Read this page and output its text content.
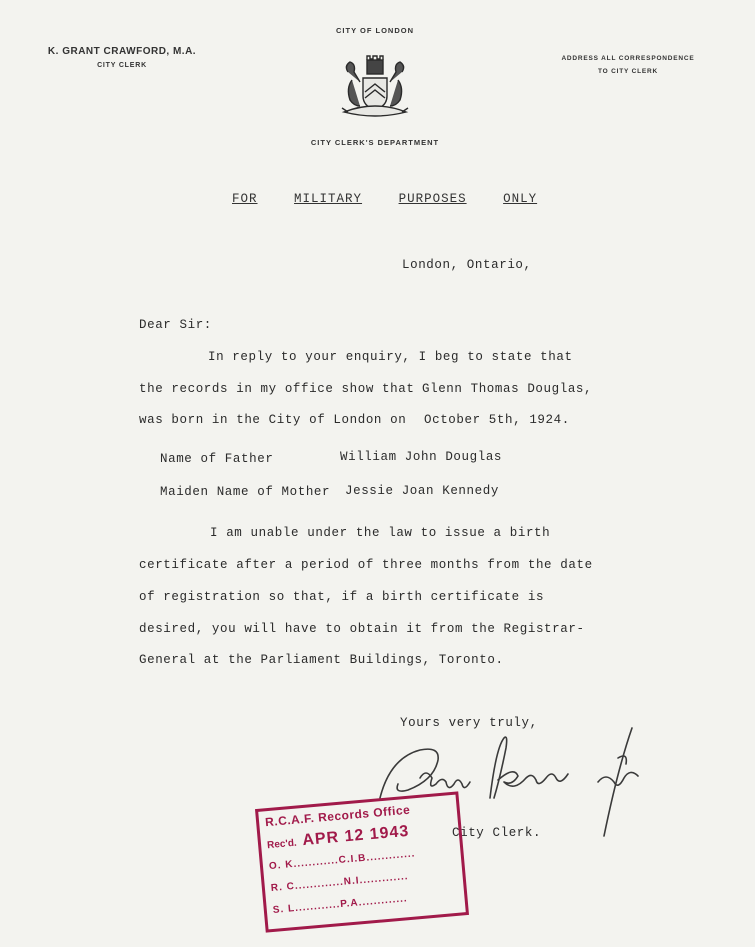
K. GRANT CRAWFORD, M.A.
CITY CLERK
CITY OF LONDON
CITY CLERK'S DEPARTMENT
ADDRESS ALL CORRESPONDENCE
TO CITY CLERK
FOR	MILITARY	PURPOSES	ONLY
London, Ontario,
Dear Sir:
In reply to your enquiry, I beg to state that
the records in my office show that Glenn Thomas Douglas,
was born in the City of London on October 5th, 1924.
Name of Father	William John Douglas
Maiden Name of Mother Jessie Joan Kennedy
I am unable under the law to issue a birth
certificate after a period of three months from the date
of registration so that, if a birth certificate is
desired, you will have to obtain it from the Registrar-
General at the Parliament Buildings, Toronto.
Yours very truly,
City Clerk.
R.C.A.F. Records Office
Rec'd. APR 12 1943
O. K............C.I.B.............
R. C.............N.I.............
S. L............P.A.............
